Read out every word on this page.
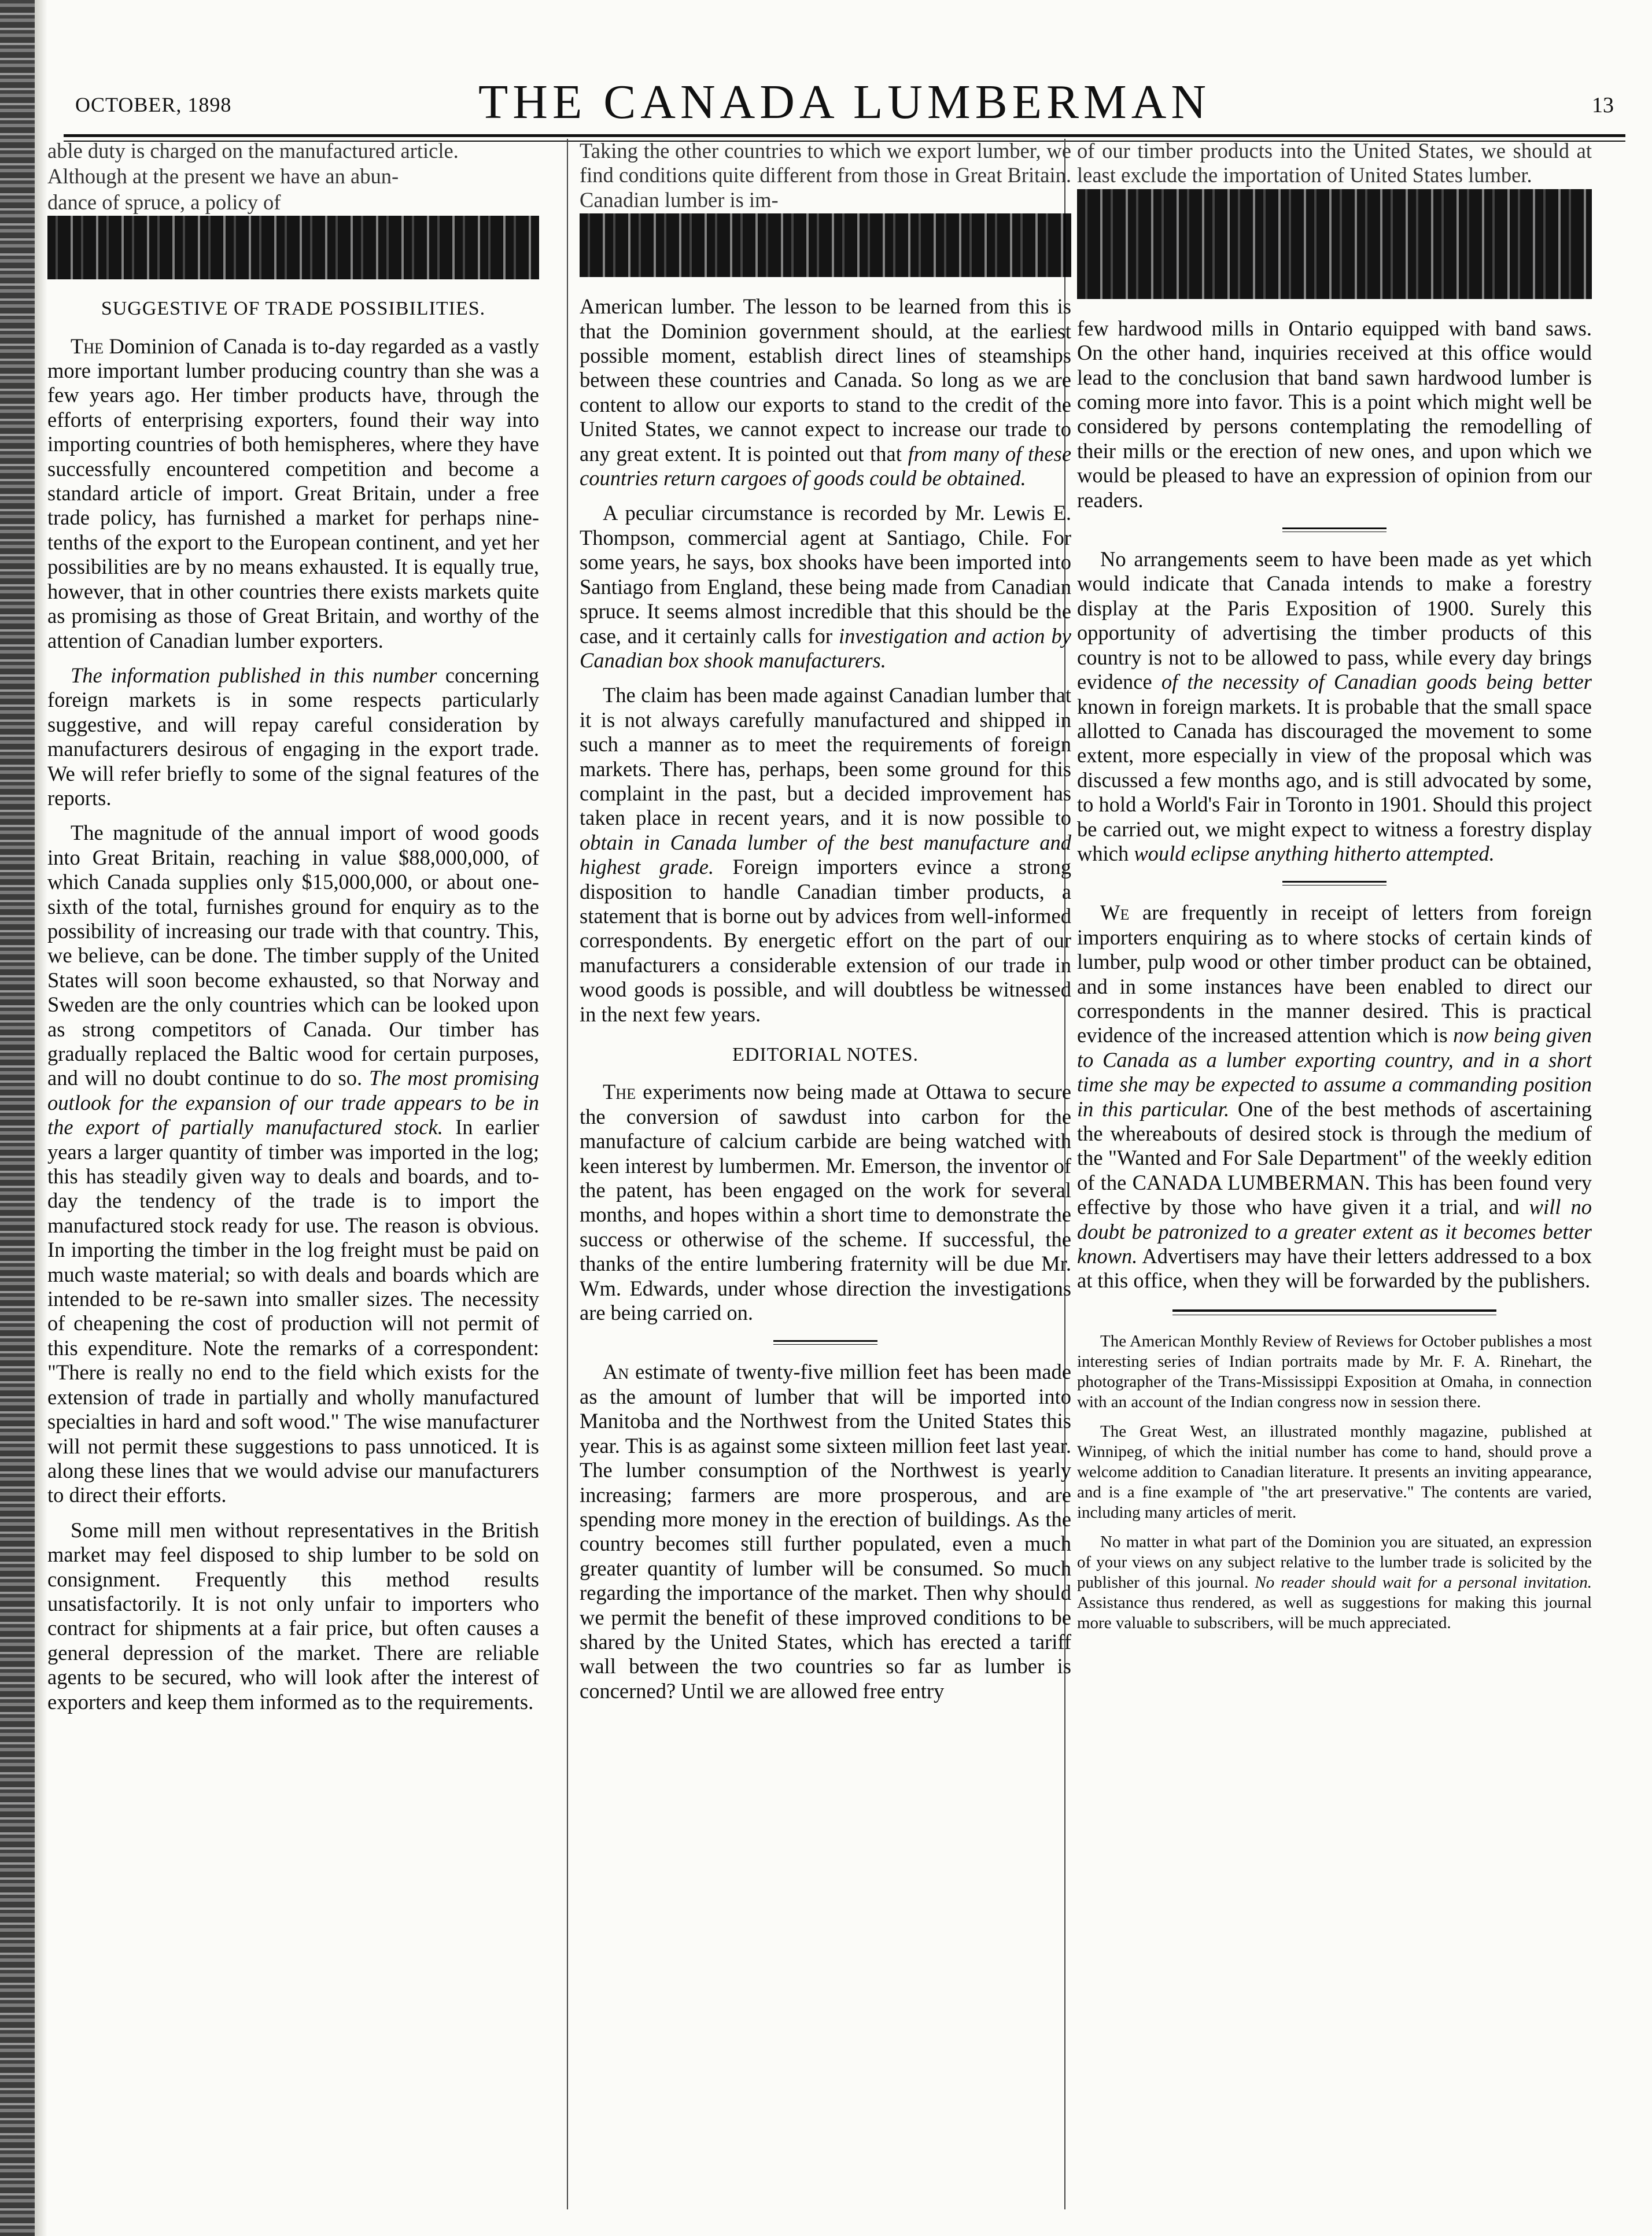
OCTOBER, 1898	THE CANADA LUMBERMAN	13

able duty is charged on the manufactured article.

Although at the present we have an abun-

dance of spruce, a policy of

SUGGESTIVE OF TRADE POSSIBILITIES.

The Dominion of Canada is to-day regarded as a vastly more important lumber producing country than she was a few years ago. Her timber products have, through the efforts of enterprising exporters, found their way into importing countries of both hemispheres, where they have successfully encountered competition and become a standard article of import. Great Britain, under a free trade policy, has furnished a market for perhaps nine-tenths of the export to the European continent, and yet her possibilities are by no means exhausted. It is equally true, however, that in other countries there exists markets quite as promising as those of Great Britain, and worthy of the attention of Canadian lumber exporters.

The information published in this number concerning foreign markets is in some respects particularly suggestive, and will repay careful consideration by manufacturers desirous of engaging in the export trade. We will refer briefly to some of the signal features of the reports.

The magnitude of the annual import of wood goods into Great Britain, reaching in value $88,000,000, of which Canada supplies only $15,000,000, or about one-sixth of the total, furnishes ground for enquiry as to the possibility of increasing our trade with that country. This, we believe, can be done. The timber supply of the United States will soon become exhausted, so that Norway and Sweden are the only countries which can be looked upon as strong competitors of Canada. Our timber has gradually replaced the Baltic wood for certain purposes, and will no doubt continue to do so. The most promising outlook for the expansion of our trade appears to be in the export of partially manufactured stock. In earlier years a larger quantity of timber was imported in the log; this has steadily given way to deals and boards, and to-day the tendency of the trade is to import the manufactured stock ready for use. The reason is obvious. In importing the timber in the log freight must be paid on much waste material; so with deals and boards which are intended to be re-sawn into smaller sizes. The necessity of cheapening the cost of production will not permit of this expenditure. Note the remarks of a correspondent: "There is really no end to the field which exists for the extension of trade in partially and wholly manufactured specialties in hard and soft wood." The wise manufacturer will not permit these suggestions to pass unnoticed. It is along these lines that we would advise our manufacturers to direct their efforts.

Some mill men without representatives in the British market may feel disposed to ship lumber to be sold on consignment. Frequently this method results unsatisfactorily. It is not only unfair to importers who contract for shipments at a fair price, but often causes a general depression of the market. There are reliable agents to be secured, who will look after the interest of exporters and keep them informed as to the requirements.

Taking the other countries to which we export lumber, we find conditions quite different from those in Great Britain. Canadian lumber is im-

American lumber. The lesson to be learned from this is that the Dominion government should, at the earliest possible moment, establish direct lines of steamships between these countries and Canada. So long as we are content to allow our exports to stand to the credit of the United States, we cannot expect to increase our trade to any great extent. It is pointed out that from many of these countries return cargoes of goods could be obtained.

A peculiar circumstance is recorded by Mr. Lewis E. Thompson, commercial agent at Santiago, Chile. For some years, he says, box shooks have been imported into Santiago from England, these being made from Canadian spruce. It seems almost incredible that this should be the case, and it certainly calls for investigation and action by Canadian box shook manufacturers.

The claim has been made against Canadian lumber that it is not always carefully manufactured and shipped in such a manner as to meet the requirements of foreign markets. There has, perhaps, been some ground for this complaint in the past, but a decided improvement has taken place in recent years, and it is now possible to obtain in Canada lumber of the best manufacture and highest grade. Foreign importers evince a strong disposition to handle Canadian timber products, a statement that is borne out by advices from well-informed correspondents. By energetic effort on the part of our manufacturers a considerable extension of our trade in wood goods is possible, and will doubtless be witnessed in the next few years.

EDITORIAL NOTES.

The experiments now being made at Ottawa to secure the conversion of sawdust into carbon for the manufacture of calcium carbide are being watched with keen interest by lumbermen. Mr. Emerson, the inventor of the patent, has been engaged on the work for several months, and hopes within a short time to demonstrate the success or otherwise of the scheme. If successful, the thanks of the entire lumbering fraternity will be due Mr. Wm. Edwards, under whose direction the investigations are being carried on.

An estimate of twenty-five million feet has been made as the amount of lumber that will be imported into Manitoba and the Northwest from the United States this year. This is as against some sixteen million feet last year. The lumber consumption of the Northwest is yearly increasing; farmers are more prosperous, and are spending more money in the erection of buildings. As the country becomes still further populated, even a much greater quantity of lumber will be consumed. So much regarding the importance of the market. Then why should we permit the benefit of these improved conditions to be shared by the United States, which has erected a tariff wall between the two countries so far as lumber is concerned? Until we are allowed free entry

of our timber products into the United States, we should at least exclude the importation of United States lumber.

few hardwood mills in Ontario equipped with band saws. On the other hand, inquiries received at this office would lead to the conclusion that band sawn hardwood lumber is coming more into favor. This is a point which might well be considered by persons contemplating the remodelling of their mills or the erection of new ones, and upon which we would be pleased to have an expression of opinion from our readers.

No arrangements seem to have been made as yet which would indicate that Canada intends to make a forestry display at the Paris Exposition of 1900. Surely this opportunity of advertising the timber products of this country is not to be allowed to pass, while every day brings evidence of the necessity of Canadian goods being better known in foreign markets. It is probable that the small space allotted to Canada has discouraged the movement to some extent, more especially in view of the proposal which was discussed a few months ago, and is still advocated by some, to hold a World's Fair in Toronto in 1901. Should this project be carried out, we might expect to witness a forestry display which would eclipse anything hitherto attempted.

We are frequently in receipt of letters from foreign importers enquiring as to where stocks of certain kinds of lumber, pulp wood or other timber product can be obtained, and in some instances have been enabled to direct our correspondents in the manner desired. This is practical evidence of the increased attention which is now being given to Canada as a lumber exporting country, and in a short time she may be expected to assume a commanding position in this particular. One of the best methods of ascertaining the whereabouts of desired stock is through the medium of the "Wanted and For Sale Department" of the weekly edition of the CANADA LUMBERMAN. This has been found very effective by those who have given it a trial, and will no doubt be patronized to a greater extent as it becomes better known. Advertisers may have their letters addressed to a box at this office, when they will be forwarded by the publishers.

The American Monthly Review of Reviews for October publishes a most interesting series of Indian portraits made by Mr. F. A. Rinehart, the photographer of the Trans-Mississippi Exposition at Omaha, in connection with an account of the Indian congress now in session there.

The Great West, an illustrated monthly magazine, published at Winnipeg, of which the initial number has come to hand, should prove a welcome addition to Canadian literature. It presents an inviting appearance, and is a fine example of "the art preservative." The contents are varied, including many articles of merit.

No matter in what part of the Dominion you are situated, an expression of your views on any subject relative to the lumber trade is solicited by the publisher of this journal. No reader should wait for a personal invitation. Assistance thus rendered, as well as suggestions for making this journal more valuable to subscribers, will be much appreciated.
